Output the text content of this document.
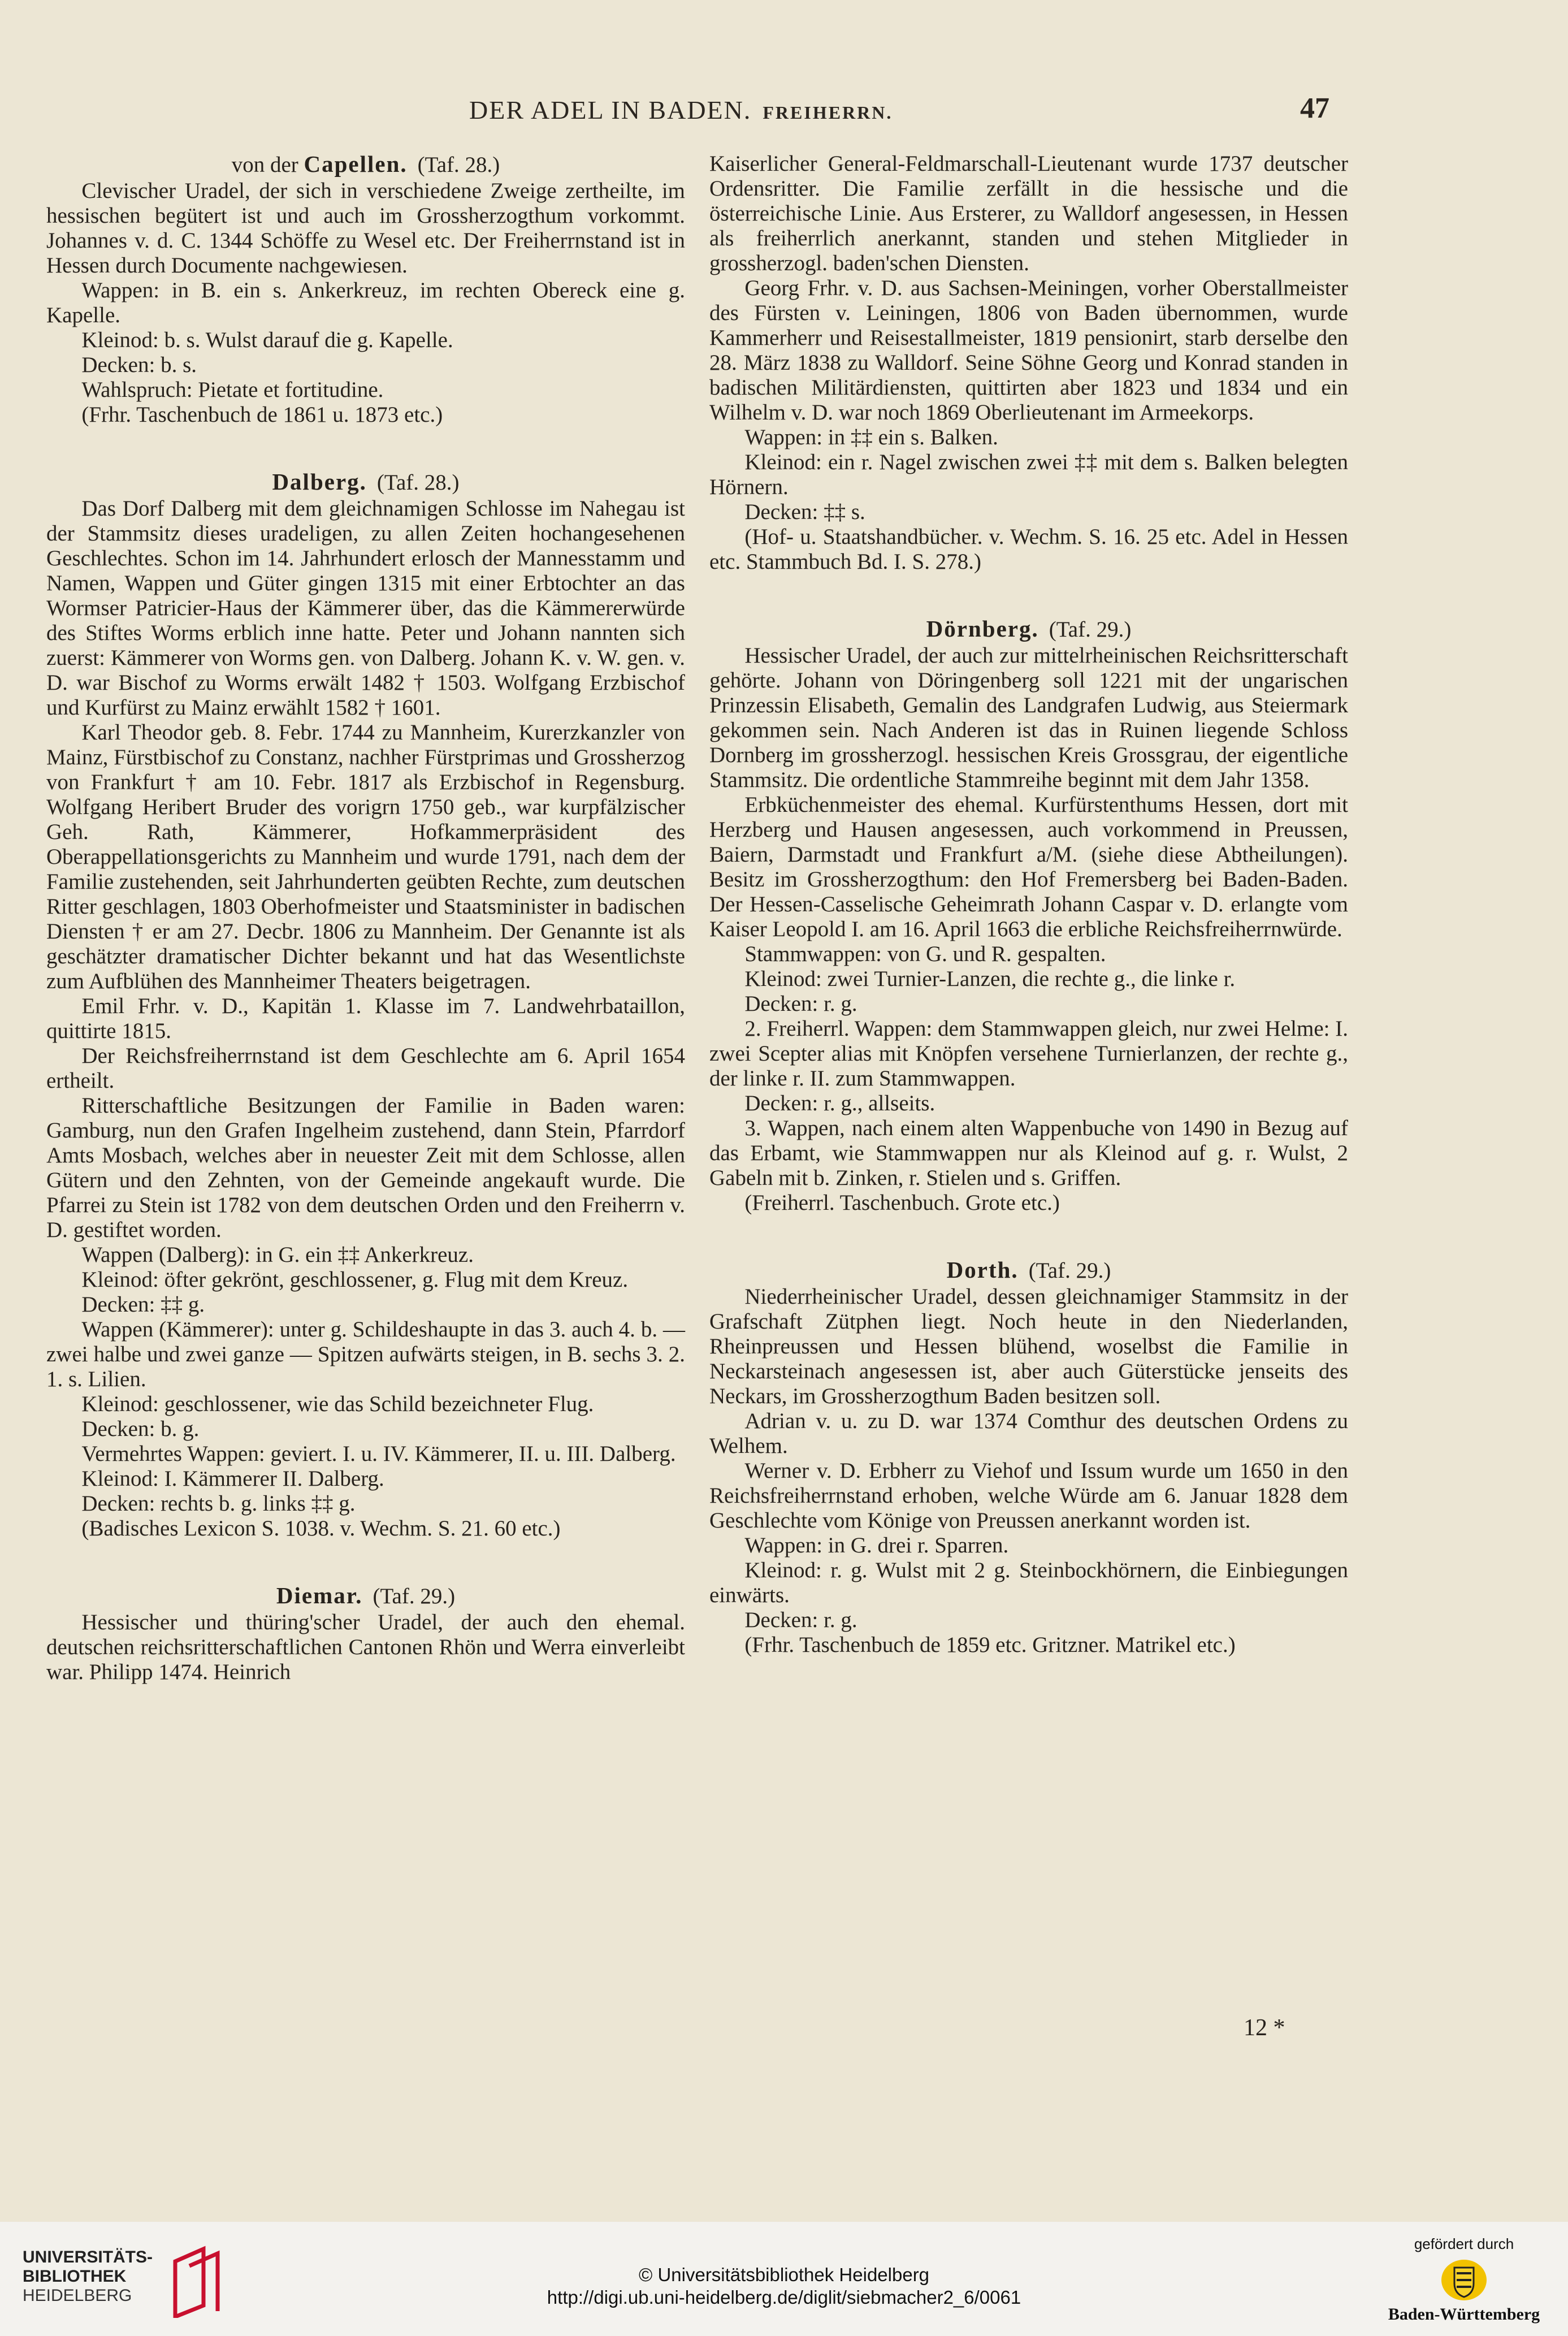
DER ADEL IN BADEN. FREIHERRN.	47
von der Capellen. (Taf. 28.)

Clevischer Uradel, der sich in verschiedene Zweige zertheilte, im hessischen begütert ist und auch im Grossherzogthum vorkommt. Johannes v. d. C. 1344 Schöffe zu Wesel etc. Der Freiherrnstand ist in Hessen durch Documente nachgewiesen.

Wappen: in B. ein s. Ankerkreuz, im rechten Obereck eine g. Kapelle.

Kleinod: b. s. Wulst darauf die g. Kapelle.

Decken: b. s.

Wahlspruch: Pietate et fortitudine.

(Frhr. Taschenbuch de 1861 u. 1873 etc.)

Dalberg. (Taf. 28.)

Das Dorf Dalberg mit dem gleichnamigen Schlosse im Nahegau ist der Stammsitz dieses uradeligen, zu allen Zeiten hochangesehenen Geschlechtes. Schon im 14. Jahrhundert erlosch der Mannesstamm und Namen, Wappen und Güter gingen 1315 mit einer Erbtochter an das Wormser Patricier-Haus der Kämmerer über, das die Kämmererwürde des Stiftes Worms erblich inne hatte. Peter und Johann nannten sich zuerst: Kämmerer von Worms gen. von Dalberg. Johann K. v. W. gen. v. D. war Bischof zu Worms erwält 1482 † 1503. Wolfgang Erzbischof und Kurfürst zu Mainz erwählt 1582 † 1601.

Karl Theodor geb. 8. Febr. 1744 zu Mannheim, Kurerzkanzler von Mainz, Fürstbischof zu Constanz, nachher Fürstprimas und Grossherzog von Frankfurt † am 10. Febr. 1817 als Erzbischof in Regensburg. Wolfgang Heribert Bruder des vorigrn 1750 geb., war kurpfälzischer Geh. Rath, Kämmerer, Hofkammerpräsident des Oberappellationsgerichts zu Mannheim und wurde 1791, nach dem der Familie zustehenden, seit Jahrhunderten geübten Rechte, zum deutschen Ritter geschlagen, 1803 Oberhofmeister und Staatsminister in badischen Diensten † er am 27. Decbr. 1806 zu Mannheim. Der Genannte ist als geschätzter dramatischer Dichter bekannt und hat das Wesentlichste zum Aufblühen des Mannheimer Theaters beigetragen.

Emil Frhr. v. D., Kapitän 1. Klasse im 7. Landwehrbataillon, quittirte 1815.

Der Reichsfreiherrnstand ist dem Geschlechte am 6. April 1654 ertheilt.

Ritterschaftliche Besitzungen der Familie in Baden waren: Gamburg, nun den Grafen Ingelheim zustehend, dann Stein, Pfarrdorf Amts Mosbach, welches aber in neuester Zeit mit dem Schlosse, allen Gütern und den Zehnten, von der Gemeinde angekauft wurde. Die Pfarrei zu Stein ist 1782 von dem deutschen Orden und den Freiherrn v. D. gestiftet worden.

Wappen (Dalberg): in G. ein ‡‡ Ankerkreuz.

Kleinod: öfter gekrönt, geschlossener, g. Flug mit dem Kreuz.

Decken: ‡‡ g.

Wappen (Kämmerer): unter g. Schildeshaupte in das 3. auch 4. b. — zwei halbe und zwei ganze — Spitzen aufwärts steigen, in B. sechs 3. 2. 1. s. Lilien.

Kleinod: geschlossener, wie das Schild bezeichneter Flug.

Decken: b. g.

Vermehrtes Wappen: geviert. I. u. IV. Kämmerer, II. u. III. Dalberg.

Kleinod: I. Kämmerer II. Dalberg.

Decken: rechts b. g. links ‡‡ g.

(Badisches Lexicon S. 1038. v. Wechm. S. 21. 60 etc.)

Diemar. (Taf. 29.)

Hessischer und thüring'scher Uradel, der auch den ehemal. deutschen reichsritterschaftlichen Cantonen Rhön und Werra einverleibt war. Philipp 1474. Heinrich

Kaiserlicher General-Feldmarschall-Lieutenant wurde 1737 deutscher Ordensritter. Die Familie zerfällt in die hessische und die österreichische Linie. Aus Ersterer, zu Walldorf angesessen, in Hessen als freiherrlich anerkannt, standen und stehen Mitglieder in grossherzogl. baden'schen Diensten.

Georg Frhr. v. D. aus Sachsen-Meiningen, vorher Oberstallmeister des Fürsten v. Leiningen, 1806 von Baden übernommen, wurde Kammerherr und Reisestallmeister, 1819 pensionirt, starb derselbe den 28. März 1838 zu Walldorf. Seine Söhne Georg und Konrad standen in badischen Militärdiensten, quittirten aber 1823 und 1834 und ein Wilhelm v. D. war noch 1869 Oberlieutenant im Armeekorps.

Wappen: in ‡‡ ein s. Balken.

Kleinod: ein r. Nagel zwischen zwei ‡‡ mit dem s. Balken belegten Hörnern.

Decken: ‡‡ s.

(Hof- u. Staatshandbücher. v. Wechm. S. 16. 25 etc. Adel in Hessen etc. Stammbuch Bd. I. S. 278.)

Dörnberg. (Taf. 29.)

Hessischer Uradel, der auch zur mittelrheinischen Reichsritterschaft gehörte. Johann von Döringenberg soll 1221 mit der ungarischen Prinzessin Elisabeth, Gemalin des Landgrafen Ludwig, aus Steiermark gekommen sein. Nach Anderen ist das in Ruinen liegende Schloss Dornberg im grossherzogl. hessischen Kreis Grossgrau, der eigentliche Stammsitz. Die ordentliche Stammreihe beginnt mit dem Jahr 1358.

Erbküchenmeister des ehemal. Kurfürstenthums Hessen, dort mit Herzberg und Hausen angesessen, auch vorkommend in Preussen, Baiern, Darmstadt und Frankfurt a/M. (siehe diese Abtheilungen). Besitz im Grossherzogthum: den Hof Fremersberg bei Baden-Baden. Der Hessen-Casselische Geheimrath Johann Caspar v. D. erlangte vom Kaiser Leopold I. am 16. April 1663 die erbliche Reichsfreiherrnwürde.

Stammwappen: von G. und R. gespalten.

Kleinod: zwei Turnier-Lanzen, die rechte g., die linke r.

Decken: r. g.

2. Freiherrl. Wappen: dem Stammwappen gleich, nur zwei Helme: I. zwei Scepter alias mit Knöpfen versehene Turnierlanzen, der rechte g., der linke r. II. zum Stammwappen.

Decken: r. g., allseits.

3. Wappen, nach einem alten Wappenbuche von 1490 in Bezug auf das Erbamt, wie Stammwappen nur als Kleinod auf g. r. Wulst, 2 Gabeln mit b. Zinken, r. Stielen und s. Griffen.

(Freiherrl. Taschenbuch. Grote etc.)

Dorth. (Taf. 29.)

Niederrheinischer Uradel, dessen gleichnamiger Stammsitz in der Grafschaft Zütphen liegt. Noch heute in den Niederlanden, Rheinpreussen und Hessen blühend, woselbst die Familie in Neckarsteinach angesessen ist, aber auch Güterstücke jenseits des Neckars, im Grossherzogthum Baden besitzen soll.

Adrian v. u. zu D. war 1374 Comthur des deutschen Ordens zu Welhem.

Werner v. D. Erbherr zu Viehof und Issum wurde um 1650 in den Reichsfreiherrnstand erhoben, welche Würde am 6. Januar 1828 dem Geschlechte vom Könige von Preussen anerkannt worden ist.

Wappen: in G. drei r. Sparren.

Kleinod: r. g. Wulst mit 2 g. Steinbockhörnern, die Einbiegungen einwärts.

Decken: r. g.

(Frhr. Taschenbuch de 1859 etc. Gritzner. Matrikel etc.)

12 *
UNIVERSITÄTS-
BIBLIOTHEK
HEIDELBERG
© Universitätsbibliothek Heidelberg
http://digi.ub.uni-heidelberg.de/diglit/siebmacher2_6/0061
gefördert durch
Baden-Württemberg
